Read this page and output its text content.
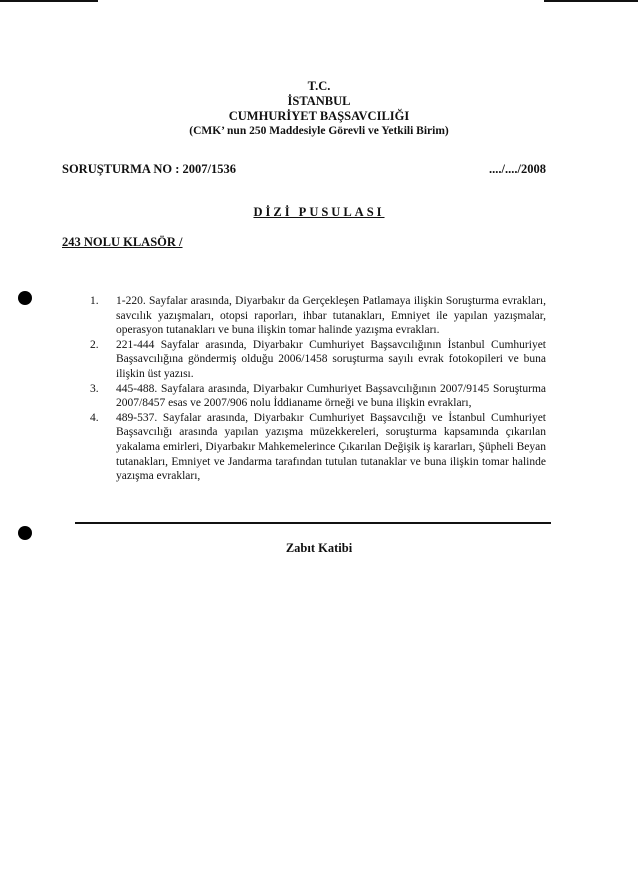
T.C.
İSTANBUL
CUMHURİYET BAŞSAVCILIĞI
(CMK’ nun 250 Maddesiyle Görevli ve Yetkili Birim)
SORUŞTURMA NO : 2007/1536	..../..../2008
DİZİ PUSULASI
243 NOLU KLASÖR /
1. 1-220. Sayfalar arasında, Diyarbakır da Gerçekleşen Patlamaya ilişkin Soruşturma evrakları, savcılık yazışmaları, otopsi raporları, ihbar tutanakları, Emniyet ile yapılan yazışmalar, operasyon tutanakları ve buna ilişkin tomar halinde yazışma evrakları.
2. 221-444 Sayfalar arasında, Diyarbakır Cumhuriyet Başsavcılığının İstanbul Cumhuriyet Başsavcılığına göndermiş olduğu 2006/1458 soruşturma sayılı evrak fotokopileri ve buna ilişkin üst yazısı.
3. 445-488. Sayfalara arasında, Diyarbakır Cumhuriyet Başsavcılığının 2007/9145 Soruşturma 2007/8457 esas ve 2007/906 nolu İddianame örneği ve buna ilişkin evrakları,
4. 489-537. Sayfalar arasında, Diyarbakır Cumhuriyet Başsavcılığı ve İstanbul Cumhuriyet Başsavcılığı arasında yapılan yazışma müzekkereleri, soruşturma kapsamında çıkarılan yakalama emirleri, Diyarbakır Mahkemelerince Çıkarılan Değişik iş kararları, Şüpheli Beyan tutanakları, Emniyet ve Jandarma tarafından tutulan tutanaklar ve buna ilişkin tomar halinde yazışma evrakları,
Zabıt Katibi
